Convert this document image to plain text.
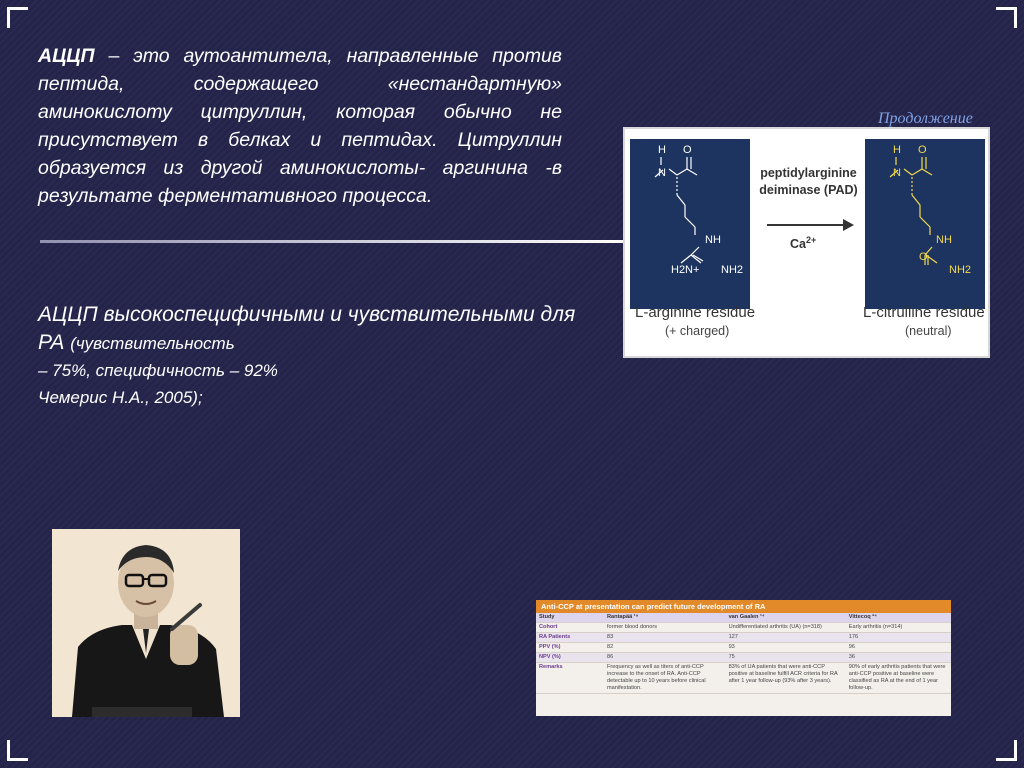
АЦЦП – это аутоантитела, направленные против пептида, содержащего «нестандартную» аминокислоту цитруллин, которая обычно не присутствует в белках и пептидах. Цитруллин образуется из другой аминокислоты- аргинина -в результате ферментативного процесса.
АЦЦП высокоспецифичными и чувствительными для РА (чувствительность
– 75%, специфичность – 92%
Чемерис Н.А., 2005);
Продолжение
H
N
O
NH
H2N+ NH2
H
N
O
NH
O
NH2
peptidylarginine
deiminase (PAD)
$Ca^{2+}$
L-arginine residue
(+ charged)
L-citrulline residue
(neutral)
Anti-CCP at presentation can predict future development of RA
Study	Rantapää ¹⁹	van Gaalen ¹⁴	Vittecoq ²⁴
Cohort	former blood donors	Undifferentiated arthritis (UA) (n=318)	Early arthritis (n=314)
RA Patients	83	127	176
PPV (%)	82	93	96
NPV (%)	86	75	36
Remarks	Frequency as well as titers of anti-CCP increase to the onset of RA. Anti-CCP detectable up to 10 years before clinical manifestation.	83% of UA patients that were anti-CCP positive at baseline fulfill ACR criteria for RA after 1 year follow-up (93% after 3 years).	90% of early arthritis patients that were anti-CCP positive at baseline were classified as RA at the end of 1 year follow-up.
